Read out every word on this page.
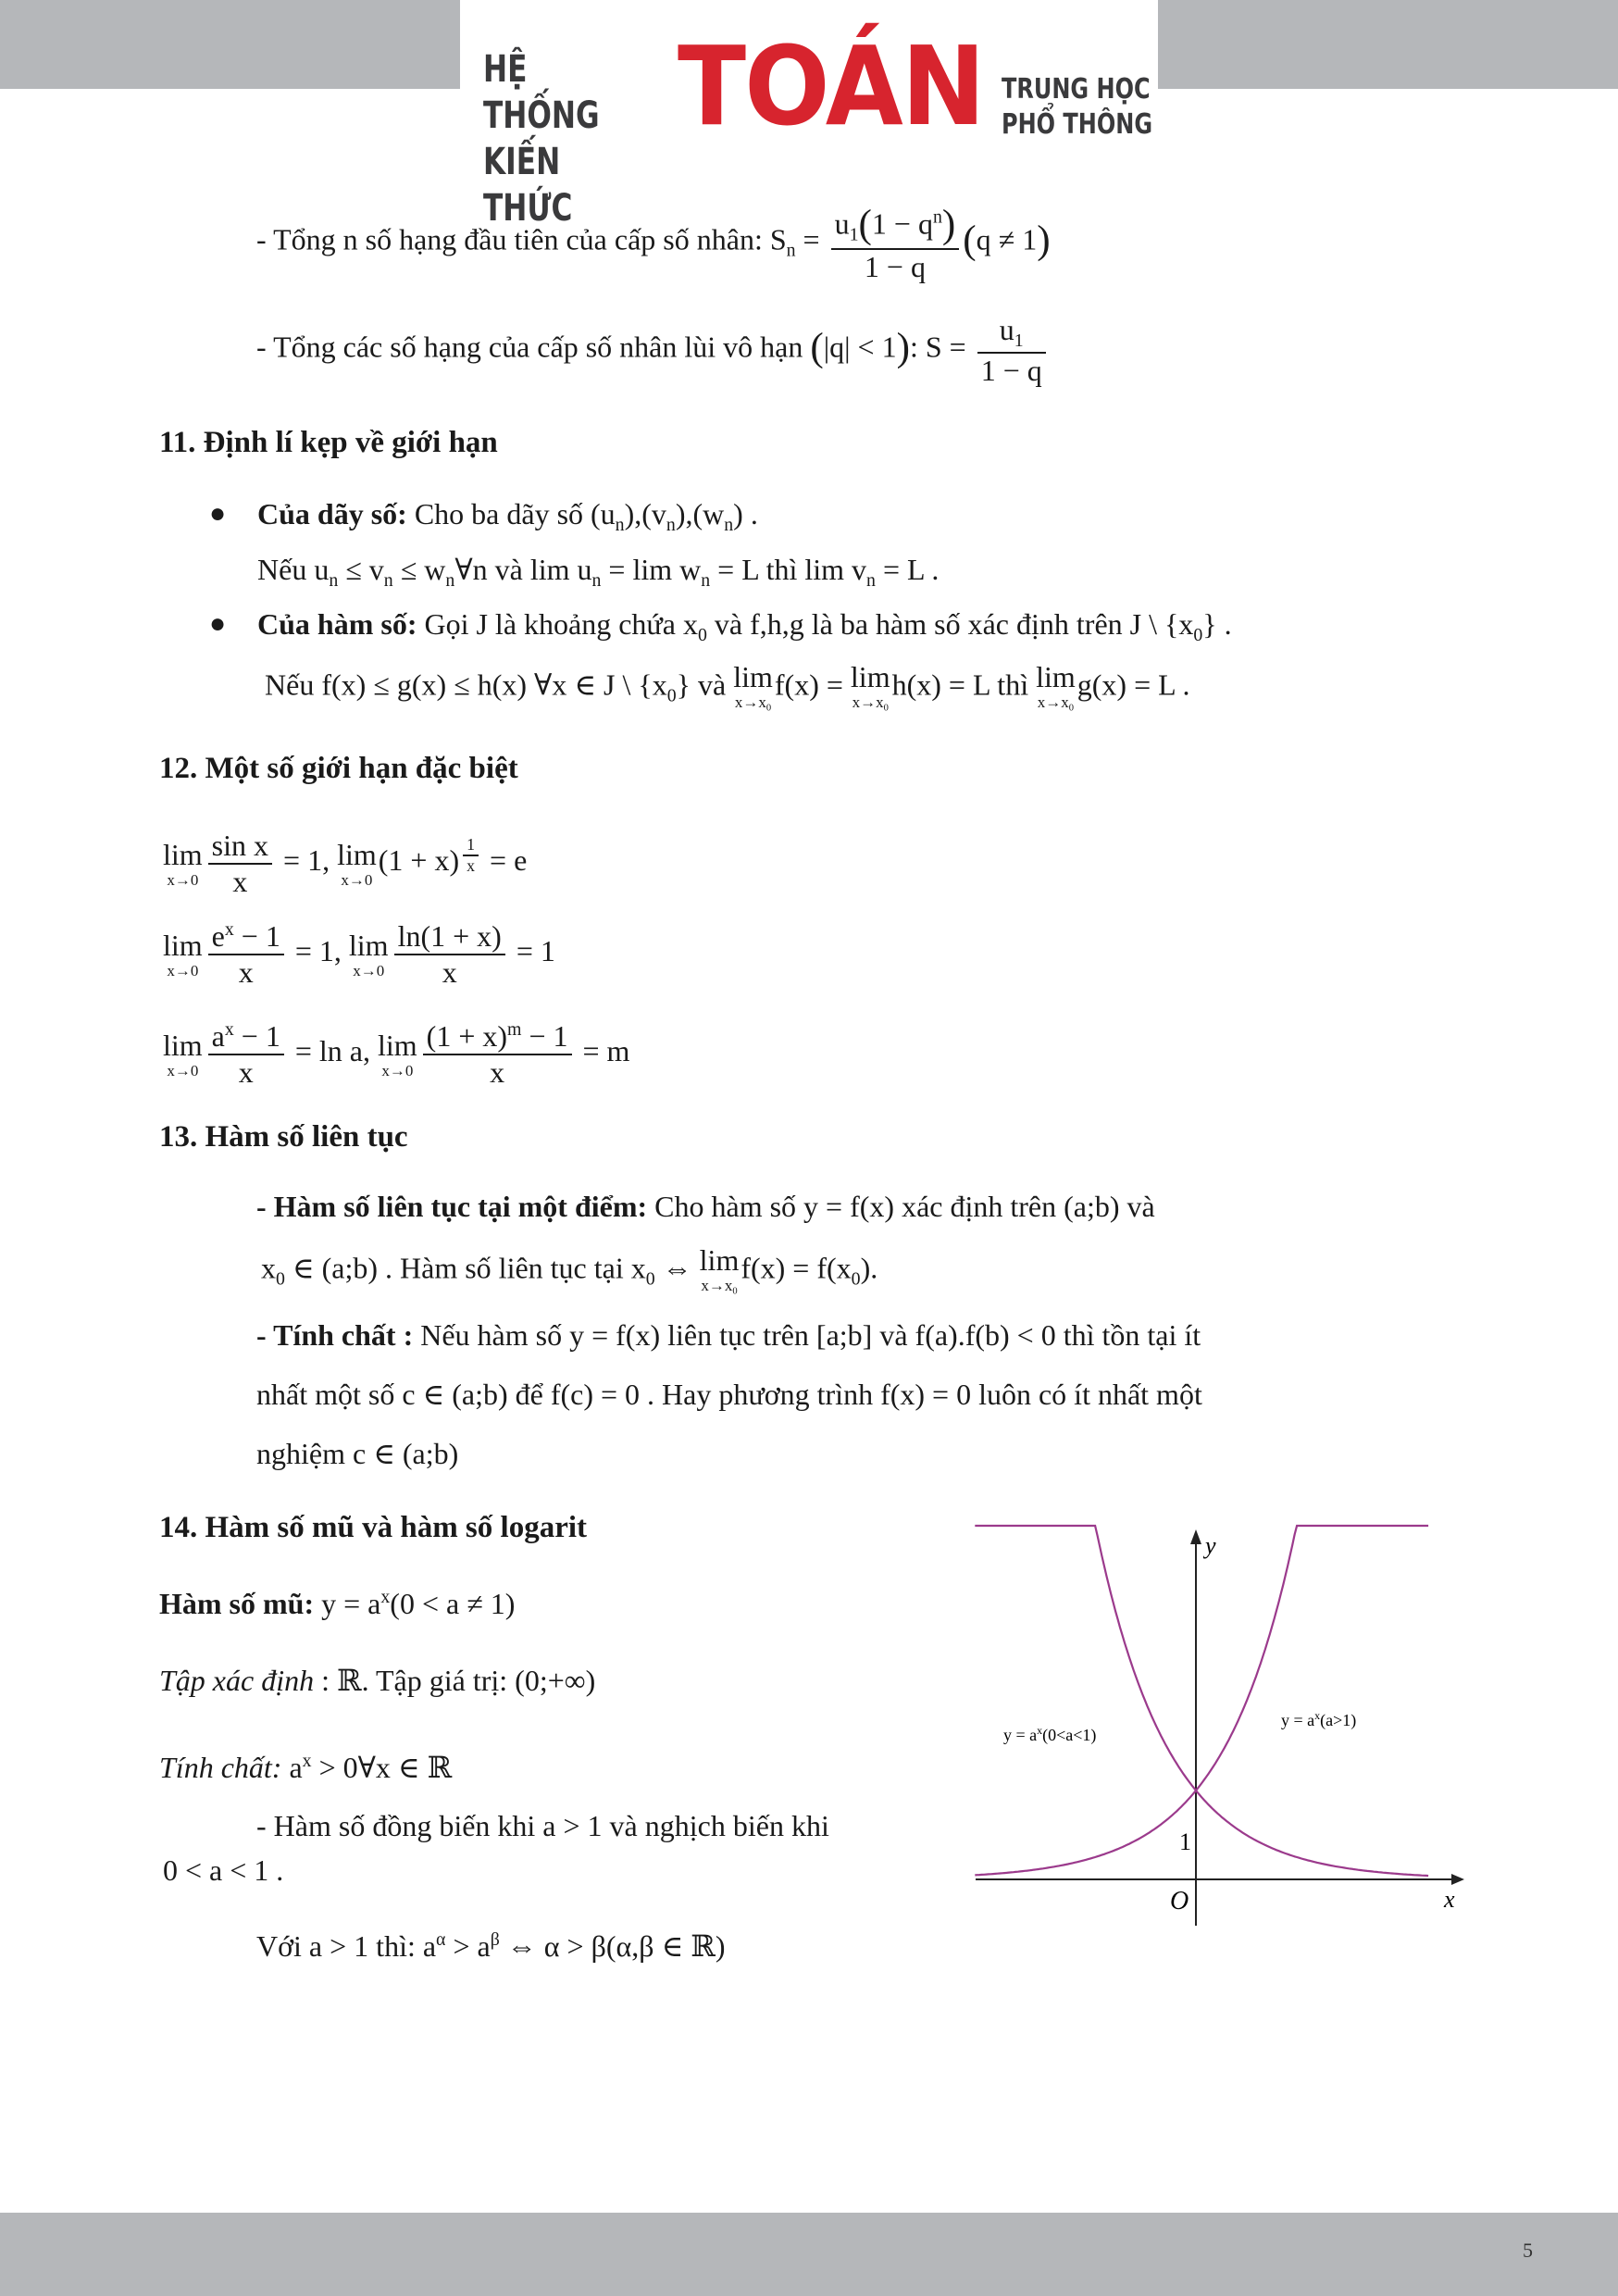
HỆ THỐNG
KIẾN THỨC
TOÁN TRUNG HỌC
PHỔ THÔNG
- Tổng n số hạng đầu tiên của cấp số nhân: $S_n = \frac{u_1(1 - q^n)}{1 - q} (q \ne 1)$
- Tổng các số hạng của cấp số nhân lùi vô hạn (|q| < 1): $S = \frac{u_1}{1 - q}$
11. Định lí kẹp về giới hạn
● Của dãy số: Cho ba dãy số $(u_n),(v_n),(w_n)$ .
Nếu $u_n \le v_n$ ≤ $w_n\forall n$ và $\lim u_n = \lim w_n = L$ thì $\lim v_n = L$ .
● Của hàm số: Gọi J là khoảng chứa $x_0$ và f,h,g là ba hàm số xác định trên J \ $\{x_0\}$ .
Nếu f(x) ≤ g(x) ≤ h(x) ∀x ∈ J \ $\{x_0\}$ và lim
$x\to x_0$
f(x) = lim
$x\to x_0$
h(x) = L thì lim
$x\to x_0$
g(x) = L .
12. Một số giới hạn đặc biệt
lim
$x\to 0 \frac{\text{sin x}}{x} = 1$, lim
x→0
(1 + x) $^{\frac{1}{x}}$ = e
lim
$x\to 0 \frac{e^x - 1}{x} = 1$, lim
$x\to 0 \frac{\ln(1 + x)}{x} = 1$
lim
$x\to 0 \frac{a^x - 1}{x} = \ln a$, lim
$x\to 0 \frac{(1 + x)^m - 1}{x} = m$
13. Hàm số liên tục
- Hàm số liên tục tại một điểm: Cho hàm số y = f(x) xác định trên (a;b) và
$x_0$ ∈ (a;b) . Hàm số liên tục tại $x_0$ ⇔ lim
$x\to x_0$
$f(x) = f(x_0)$.
- Tính chất : Nếu hàm số y = f(x) liên tục trên [a;b] và f(a).f(b) < 0 thì tồn tại ít
nhất một số c ∈ (a;b) để f(c) = 0 . Hay phương trình f(x) = 0 luôn có ít nhất một
nghiệm c ∈ (a;b)
14. Hàm số mũ và hàm số logarit
Hàm số mũ: $y = a^x(0 < a \ne 1)$
Tập xác định : ℝ. Tập giá trị: (0;+∞)
Tính chất: $a^x$ > 0∀x ∈ ℝ
- Hàm số đồng biến khi a > 1 và nghịch biến khi
0 < a < 1 .
Với a > 1 thì: $a^\alpha > a^\beta$ ⇔ α > β(α,β ∈ ℝ)
y
x
O
1
$y = a^x(0<a<1)$
$y = a^x(a>1)$
5
